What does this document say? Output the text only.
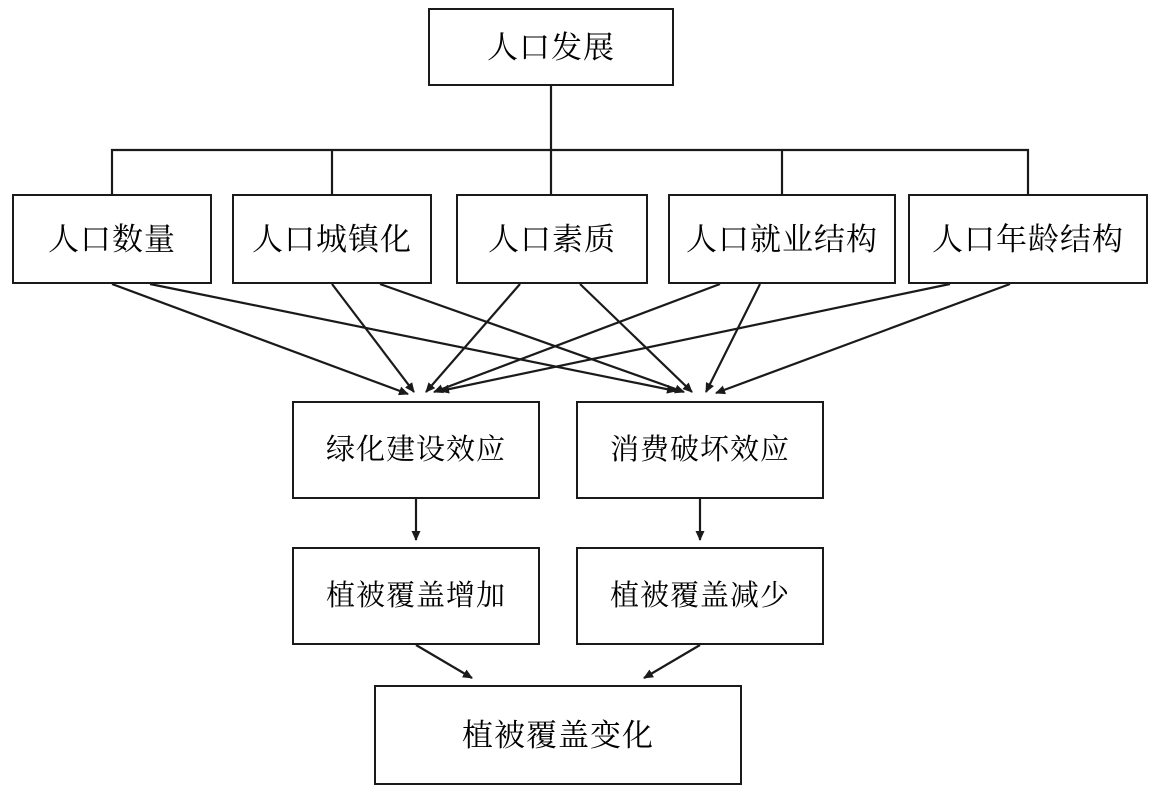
人口发展
人口数量 人口城镇化 人口素质 人口就业结构 人口年龄结构
绿化建设效应	消费破坏效应
植被覆盖增加	植被覆盖减少
植被覆盖变化
